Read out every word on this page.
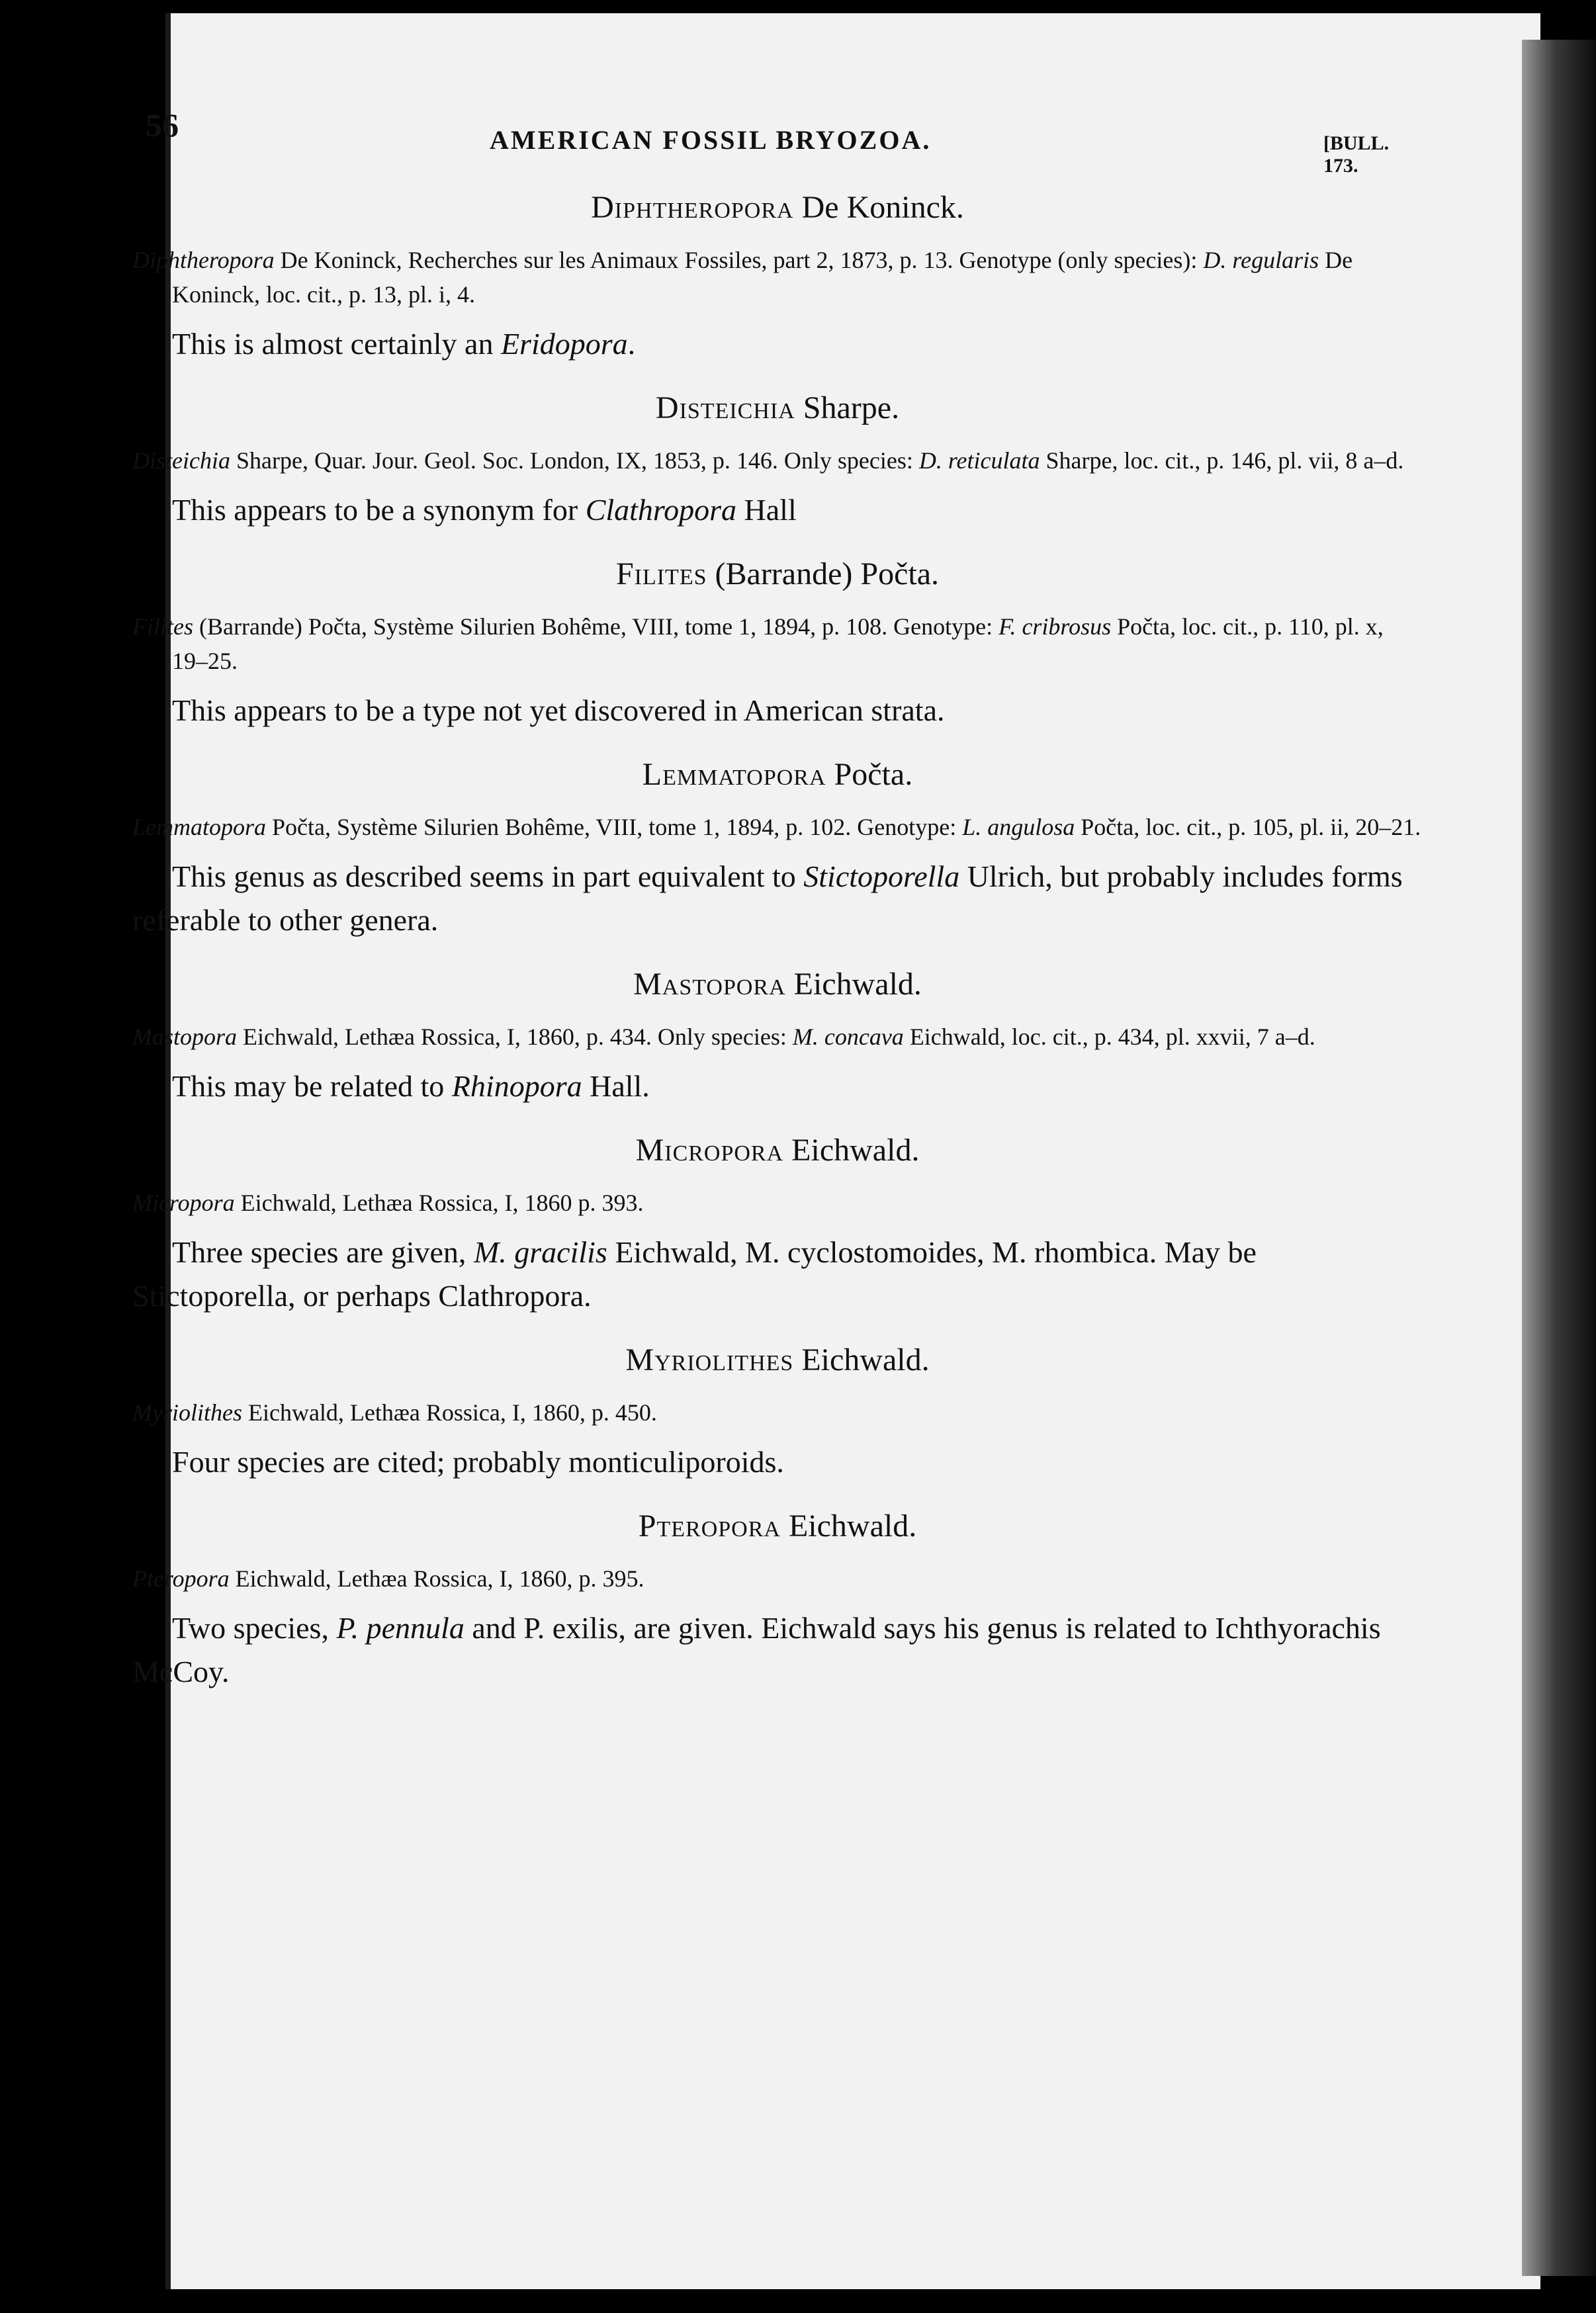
56	AMERICAN FOSSIL BRYOZOA.	[BULL. 173.
Diphtheropora De Koninck.

Diphtheropora De Koninck, Recherches sur les Animaux Fossiles, part 2, 1873, p. 13. Genotype (only species): D. regularis De Koninck, loc. cit., p. 13, pl. i, 4.

This is almost certainly an Eridopora.

Disteichia Sharpe.

Disteichia Sharpe, Quar. Jour. Geol. Soc. London, IX, 1853, p. 146. Only species: D. reticulata Sharpe, loc. cit., p. 146, pl. vii, 8 a–d.

This appears to be a synonym for Clathropora Hall

Filites (Barrande) Počta.

Filites (Barrande) Počta, Système Silurien Bohême, VIII, tome 1, 1894, p. 108. Genotype: F. cribrosus Počta, loc. cit., p. 110, pl. x, 19–25.

This appears to be a type not yet discovered in American strata.

Lemmatopora Počta.

Lemmatopora Počta, Système Silurien Bohême, VIII, tome 1, 1894, p. 102. Genotype: L. angulosa Počta, loc. cit., p. 105, pl. ii, 20–21.

This genus as described seems in part equivalent to Stictoporella Ulrich, but probably includes forms referable to other genera.

Mastopora Eichwald.

Mastopora Eichwald, Lethæa Rossica, I, 1860, p. 434. Only species: M. concava Eichwald, loc. cit., p. 434, pl. xxvii, 7 a–d.

This may be related to Rhinopora Hall.

Micropora Eichwald.

Micropora Eichwald, Lethæa Rossica, I, 1860 p. 393.

Three species are given, M. gracilis Eichwald, M. cyclostomoides, M. rhombica. May be Stictoporella, or perhaps Clathropora.

Myriolithes Eichwald.

Myriolithes Eichwald, Lethæa Rossica, I, 1860, p. 450.

Four species are cited; probably monticuliporoids.

Pteropora Eichwald.

Pteropora Eichwald, Lethæa Rossica, I, 1860, p. 395.

Two species, P. pennula and P. exilis, are given. Eichwald says his genus is related to Ichthyorachis McCoy.
